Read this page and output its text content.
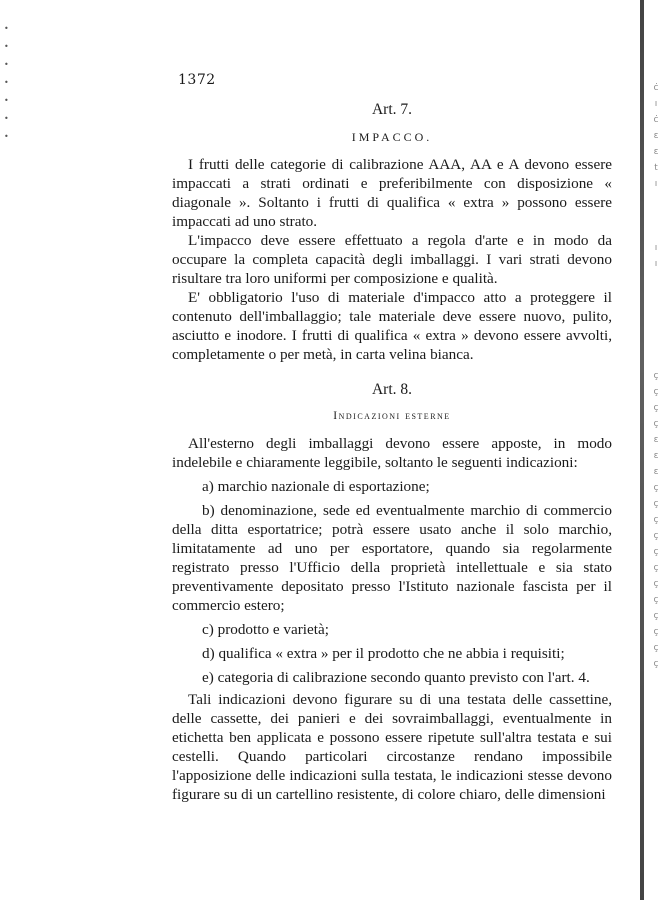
•
•
•
•
•
•
•
1372

Art. 7.

IMPACCO.

I frutti delle categorie di calibrazione AAA, AA e A devono essere impaccati a strati ordinati e preferibilmente con disposizione « diagonale ». Soltanto i frutti di qualifica « extra » possono essere impaccati ad uno strato.

L'impacco deve essere effettuato a regola d'arte e in modo da occupare la completa capacità degli imballaggi. I vari strati devono risultare tra loro uniformi per composizione e qualità.

E' obbligatorio l'uso di materiale d'impacco atto a proteggere il contenuto dell'imballaggio; tale materiale deve essere nuovo, pulito, asciutto e inodore. I frutti di qualifica « extra » devono essere avvolti, completamente o per metà, in carta velina bianca.

Art. 8.

Indicazioni esterne

All'esterno degli imballaggi devono essere apposte, in modo indelebile e chiaramente leggibile, soltanto le seguenti indicazioni:

a) marchio nazionale di esportazione;

b) denominazione, sede ed eventualmente marchio di commercio della ditta esportatrice; potrà essere usato anche il solo marchio, limitatamente ad uno per esportatore, quando sia regolarmente registrato presso l'Ufficio della proprietà intellettuale e sia stato preventivamente depositato presso l'Istituto nazionale fascista per il commercio estero;

c) prodotto e varietà;

d) qualifica « extra » per il prodotto che ne abbia i requisiti;

e) categoria di calibrazione secondo quanto previsto con l'art. 4.

Tali indicazioni devono figurare su di una testata delle cassettine, delle cassette, dei panieri e dei sovraimballaggi, eventualmente in etichetta ben applicata e possono essere ripetute sull'altra testata e sui cestelli. Quando particolari circostanze rendano impossibile l'apposizione delle indicazioni sulla testata, le indicazioni stesse devono figurare su di un cartellino resistente, di colore chiaro, delle dimensioni

ċ
ı
ċ
ε
ε
t
ı

ı
ı

ç
ç
ç
ç
ε
ε
ε
ç
ç
ç
ç
ç
ç
ç
ç
ç
ç
ç
ç
